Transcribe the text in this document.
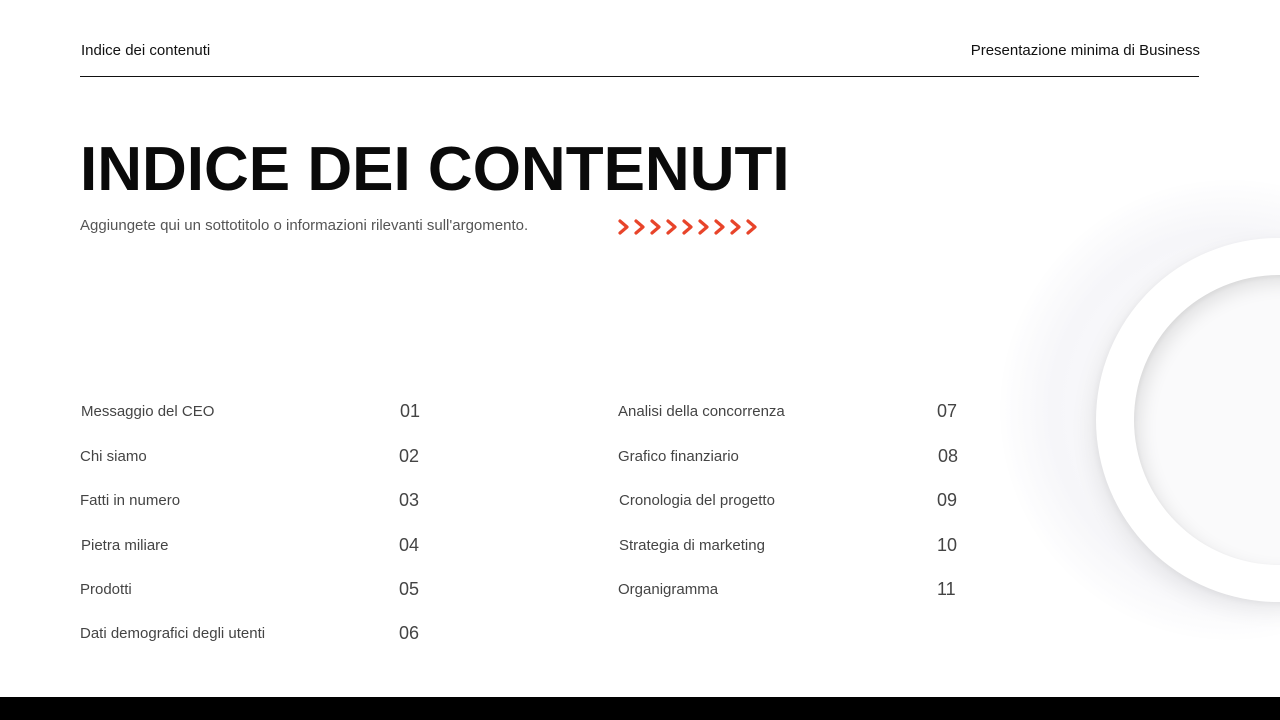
Indice dei contenuti	Presentazione minima di Business
INDICE DEI CONTENUTI
Aggiungete qui un sottotitolo o informazioni rilevanti sull'argomento.
Messaggio del CEO	01
Chi siamo	02
Fatti in numero	03
Pietra miliare	04
Prodotti	05
Dati demografici degli utenti	06
Analisi della concorrenza	07
Grafico finanziario	08
Cronologia del progetto	09
Strategia di marketing	10
Organigramma	11
